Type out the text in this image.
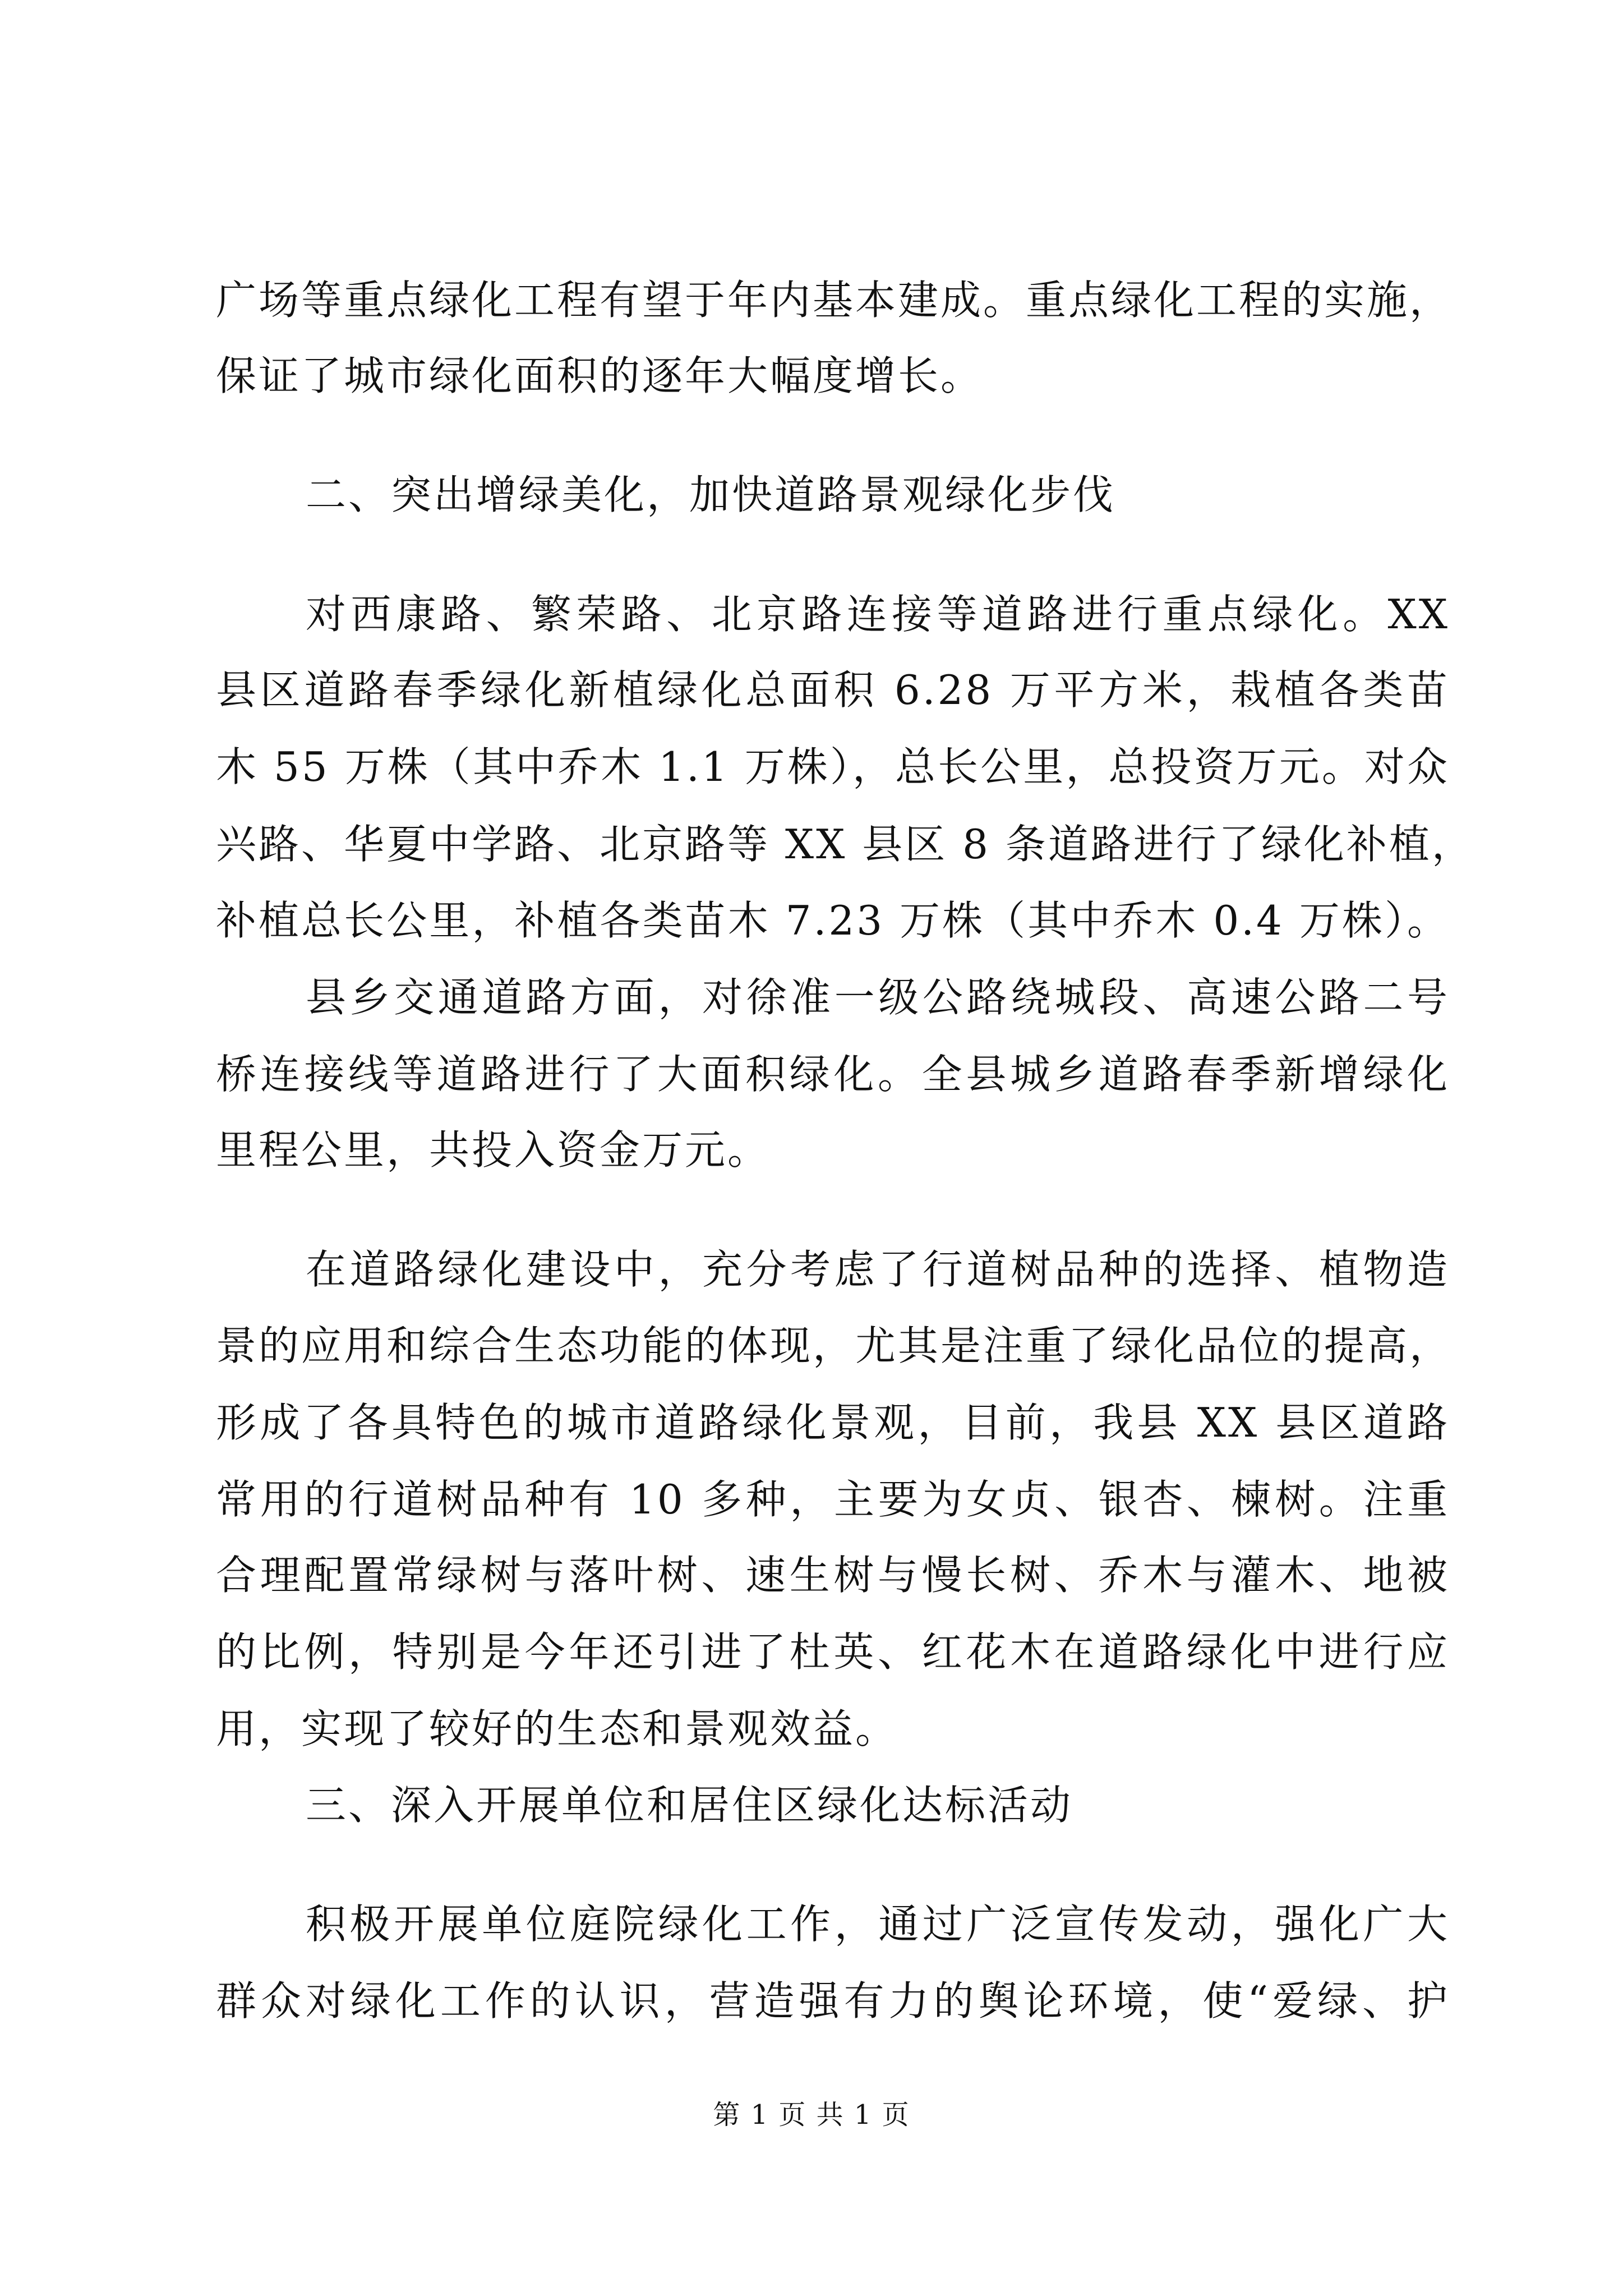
广场等重点绿化工程有望于年内基本建成。重点绿化工程的实施，
保证了城市绿化面积的逐年大幅度增长。
二、突出增绿美化，加快道路景观绿化步伐
对西康路、繁荣路、北京路连接等道路进行重点绿化。XX
县区道路春季绿化新植绿化总面积 6.28 万平方米，栽植各类苗
木 55 万株（其中乔木 1.1 万株），总长公里，总投资万元。对众
兴路、华夏中学路、北京路等 XX 县区 8 条道路进行了绿化补植，
补植总长公里，补植各类苗木 7.23 万株（其中乔木 0.4 万株）。
县乡交通道路方面，对徐准一级公路绕城段、高速公路二号
桥连接线等道路进行了大面积绿化。全县城乡道路春季新增绿化
里程公里，共投入资金万元。
在道路绿化建设中，充分考虑了行道树品种的选择、植物造
景的应用和综合生态功能的体现，尤其是注重了绿化品位的提高，
形成了各具特色的城市道路绿化景观，目前，我县 XX 县区道路
常用的行道树品种有 10 多种，主要为女贞、银杏、楝树。注重
合理配置常绿树与落叶树、速生树与慢长树、乔木与灌木、地被
的比例，特别是今年还引进了杜英、红花木在道路绿化中进行应
用，实现了较好的生态和景观效益。
三、深入开展单位和居住区绿化达标活动
积极开展单位庭院绿化工作，通过广泛宣传发动，强化广大
群众对绿化工作的认识，营造强有力的舆论环境，使“爱绿、护
第 1 页 共 1 页
